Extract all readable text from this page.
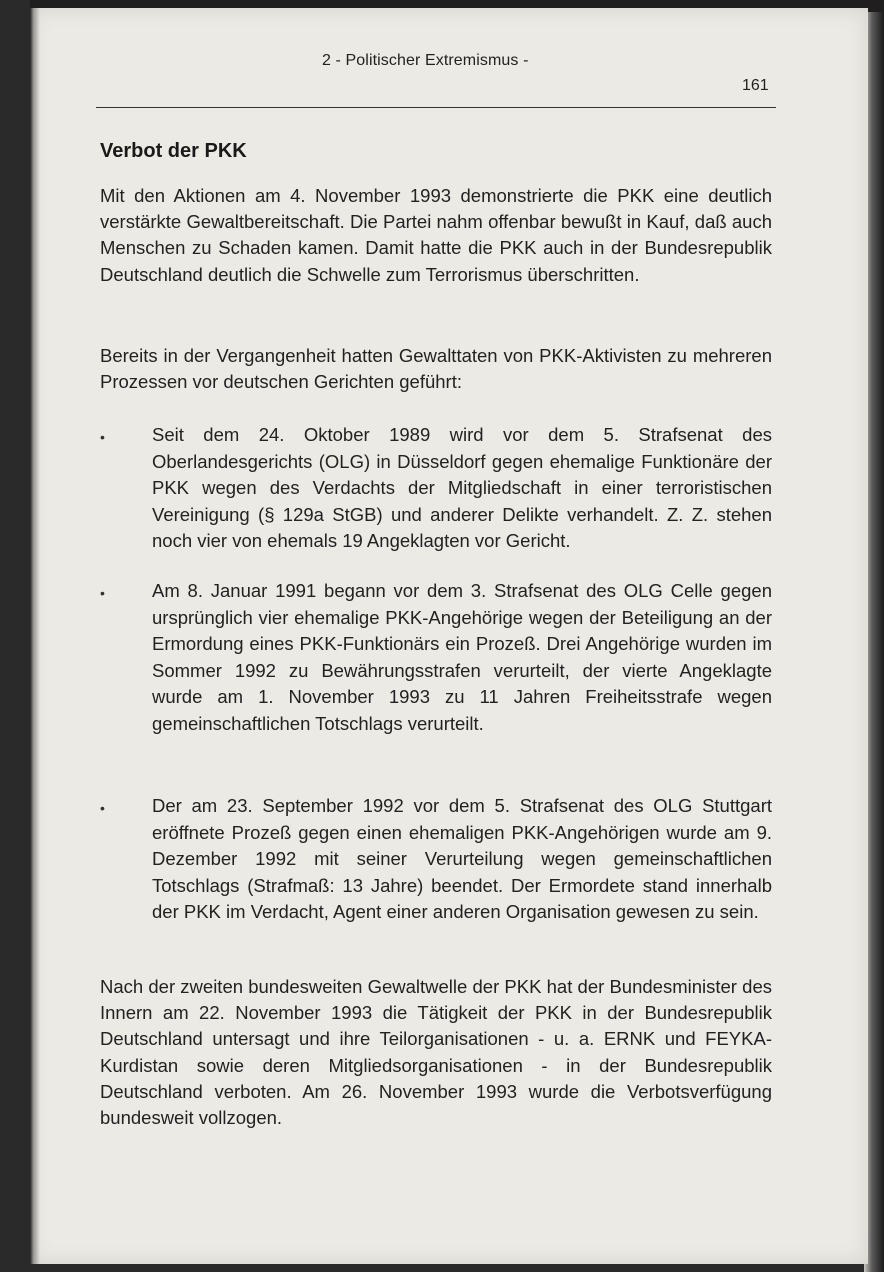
2 - Politischer Extremismus -
161
Verbot der PKK

Mit den Aktionen am 4. November 1993 demonstrierte die PKK eine deutlich verstärkte Gewaltbereitschaft. Die Partei nahm offenbar bewußt in Kauf, daß auch Menschen zu Schaden kamen. Damit hatte die PKK auch in der Bundesrepublik Deutschland deutlich die Schwelle zum Terrorismus überschritten.

Bereits in der Vergangenheit hatten Gewalttaten von PKK-Aktivisten zu mehreren Prozessen vor deutschen Gerichten geführt:

•	Seit dem 24. Oktober 1989 wird vor dem 5. Strafsenat des Oberlandesgerichts (OLG) in Düsseldorf gegen ehemalige Funktionäre der PKK wegen des Verdachts der Mitgliedschaft in einer terroristischen Vereinigung (§ 129a StGB) und anderer Delikte verhandelt. Z. Z. stehen noch vier von ehemals 19 Angeklagten vor Gericht.

•	Am 8. Januar 1991 begann vor dem 3. Strafsenat des OLG Celle gegen ursprünglich vier ehemalige PKK-Angehörige wegen der Beteiligung an der Ermordung eines PKK-Funktionärs ein Prozeß. Drei Angehörige wurden im Sommer 1992 zu Bewährungsstrafen verurteilt, der vierte Angeklagte wurde am 1. November 1993 zu 11 Jahren Freiheitsstrafe wegen gemeinschaftlichen Totschlags verurteilt.

•	Der am 23. September 1992 vor dem 5. Strafsenat des OLG Stuttgart eröffnete Prozeß gegen einen ehemaligen PKK-Angehörigen wurde am 9. Dezember 1992 mit seiner Verurteilung wegen gemeinschaftlichen Totschlags (Strafmaß: 13 Jahre) beendet. Der Ermordete stand innerhalb der PKK im Verdacht, Agent einer anderen Organisation gewesen zu sein.

Nach der zweiten bundesweiten Gewaltwelle der PKK hat der Bundesminister des Innern am 22. November 1993 die Tätigkeit der PKK in der Bundesrepublik Deutschland untersagt und ihre Teilorganisationen - u. a. ERNK und FEYKA-Kurdistan sowie deren Mitgliedsorganisationen - in der Bundesrepublik Deutschland verboten. Am 26. November 1993 wurde die Verbotsverfügung bundesweit vollzogen.
